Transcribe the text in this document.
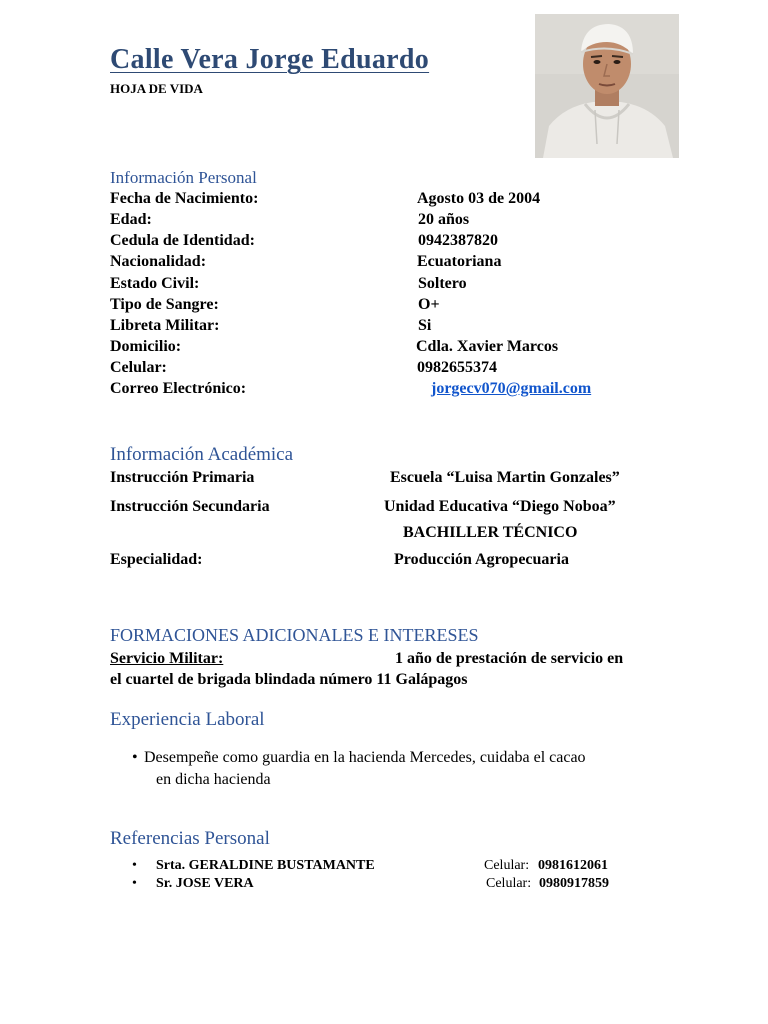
Calle Vera Jorge Eduardo
HOJA DE VIDA
Información Personal
Fecha de Nacimiento:	Agosto 03 de 2004
Edad:	20 años
Cedula de Identidad:	0942387820
Nacionalidad:	Ecuatoriana
Estado Civil:	Soltero
Tipo de Sangre:	O+
Libreta Militar:	Si
Domicilio:	Cdla. Xavier Marcos
Celular:	0982655374
Correo Electrónico:	jorgecv070@gmail.com
Información Académica
Instrucción Primaria	Escuela “Luisa Martin Gonzales”
Instrucción Secundaria	Unidad Educativa “Diego Noboa”
BACHILLER TÉCNICO
Especialidad:	Producción Agropecuaria
FORMACIONES ADICIONALES E INTERESES
Servicio Militar:	1 año de prestación de servicio en
el cuartel de brigada blindada número 11 Galápagos
Experiencia Laboral
• Desempeñe como guardia en la hacienda Mercedes, cuidaba el cacao
en dicha hacienda
Referencias Personal
• Srta. GERALDINE BUSTAMANTE	Celular: 0981612061
• Sr. JOSE VERA	Celular: 0980917859
